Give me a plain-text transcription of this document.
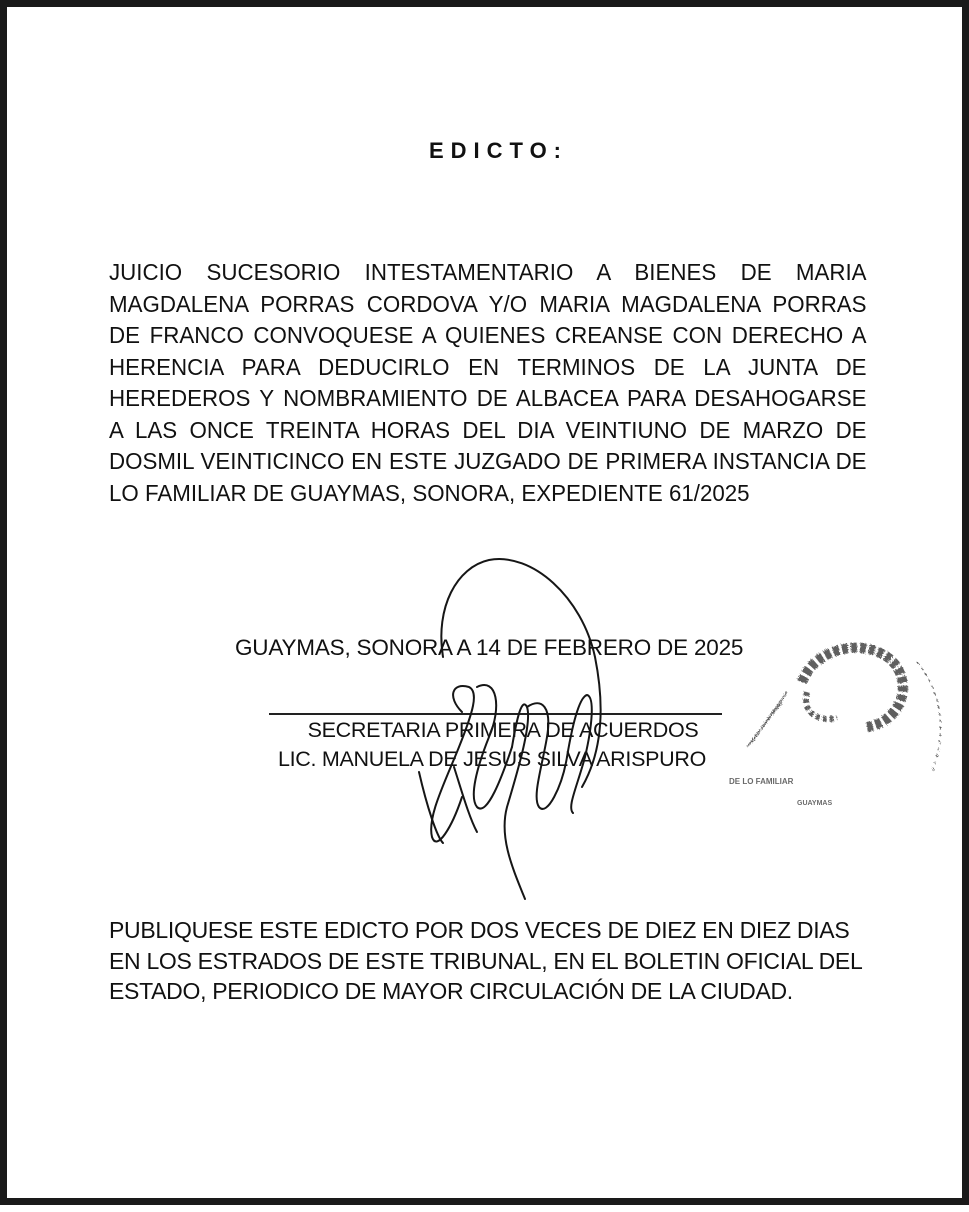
EDICTO:
JUICIO SUCESORIO INTESTAMENTARIO A BIENES DE MARIA
MAGDALENA PORRAS CORDOVA Y/O MARIA MAGDALENA PORRAS
DE FRANCO CONVOQUESE A QUIENES CREANSE CON DERECHO A
HERENCIA PARA DEDUCIRLO EN TERMINOS DE LA JUNTA DE
HEREDEROS Y NOMBRAMIENTO DE ALBACEA PARA DESAHOGARSE
A LAS ONCE TREINTA HORAS DEL DIA VEINTIUNO DE MARZO DE
DOSMIL VEINTICINCO EN ESTE JUZGADO DE PRIMERA INSTANCIA DE
LO FAMILIAR DE GUAYMAS, SONORA, EXPEDIENTE 61/2025
GUAYMAS, SONORA A 14 DE FEBRERO DE 2025
SECRETARIA PRIMERA DE ACUERDOS
LIC. MANUELA DE JESUS SILVA ARISPURO
DE LO FAMILIAR
GUAYMAS
PUBLIQUESE ESTE EDICTO POR DOS VECES DE DIEZ EN DIEZ DIAS
EN LOS ESTRADOS DE ESTE TRIBUNAL, EN EL BOLETIN OFICIAL DEL
ESTADO, PERIODICO DE MAYOR CIRCULACIÓN DE LA CIUDAD.
